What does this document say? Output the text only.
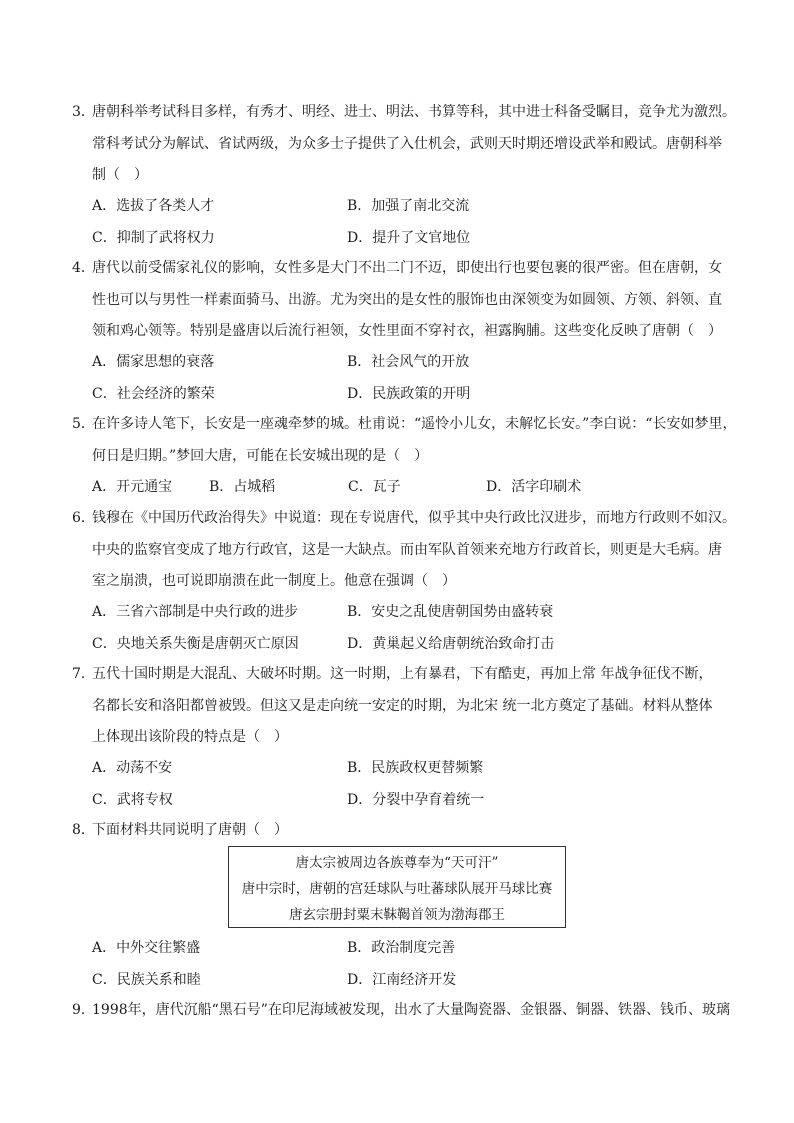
3．
唐朝科举考试科目多样，有秀才、明经、进士、明法、书算等科，其中进士科备受瞩目，竞争尤为激烈。
常科考试分为解试、省试两级，为众多士子提供了入仕机会，武则天时期还增设武举和殿试。唐朝科举
制（　）
A．选拔了各类人才	B．加强了南北交流
C．抑制了武将权力	D．提升了文官地位
4．
唐代以前受儒家礼仪的影响，女性多是大门不出二门不迈，即使出行也要包裹的很严密。但在唐朝，女
性也可以与男性一样素面骑马、出游。尤为突出的是女性的服饰也由深领变为如圆领、方领、斜领、直
领和鸡心领等。特别是盛唐以后流行袒领，女性里面不穿衬衣，袒露胸脯。这些变化反映了唐朝（　）
A．儒家思想的衰落	B．社会风气的开放
C．社会经济的繁荣	D．民族政策的开明
5．
在许多诗人笔下，长安是一座魂牵梦的城。杜甫说：“遥怜小儿女，未解忆长安。”李白说：“长安如梦里，
何日是归期。”梦回大唐，可能在长安城出现的是（　）
A．开元通宝	B．占城稻	C．瓦子	D．活字印刷术
6．
钱穆在《中国历代政治得失》中说道：现在专说唐代，似乎其中央行政比汉进步，而地方行政则不如汉。
中央的监察官变成了地方行政官，这是一大缺点。而由军队首领来充地方行政首长，则更是大毛病。唐
室之崩溃，也可说即崩溃在此一制度上。他意在强调（　）
A．三省六部制是中央行政的进步	B．安史之乱使唐朝国势由盛转衰
C．央地关系失衡是唐朝灭亡原因	D．黄巢起义给唐朝统治致命打击
7．
五代十国时期是大混乱、大破坏时期。这一时期，上有暴君，下有酷吏，再加上常 年战争征伐不断，
名都长安和洛阳都曾被毁。但这又是走向统一安定的时期，为北宋 统一北方奠定了基础。材料从整体
上体现出该阶段的特点是（　）
A．动荡不安	B．民族政权更替频繁
C．武将专权	D．分裂中孕育着统一
8．
下面材料共同说明了唐朝（　）
唐太宗被周边各族尊奉为“天可汗”
唐中宗时，唐朝的宫廷球队与吐蕃球队展开马球比赛
唐玄宗册封粟末靺鞨首领为渤海郡王
A．中外交往繁盛	B．政治制度完善
C．民族关系和睦	D．江南经济开发
9．
1998年，唐代沉船“黑石号”在印尼海域被发现，出水了大量陶瓷器、金银器、铜器、铁器、钱币、玻璃
